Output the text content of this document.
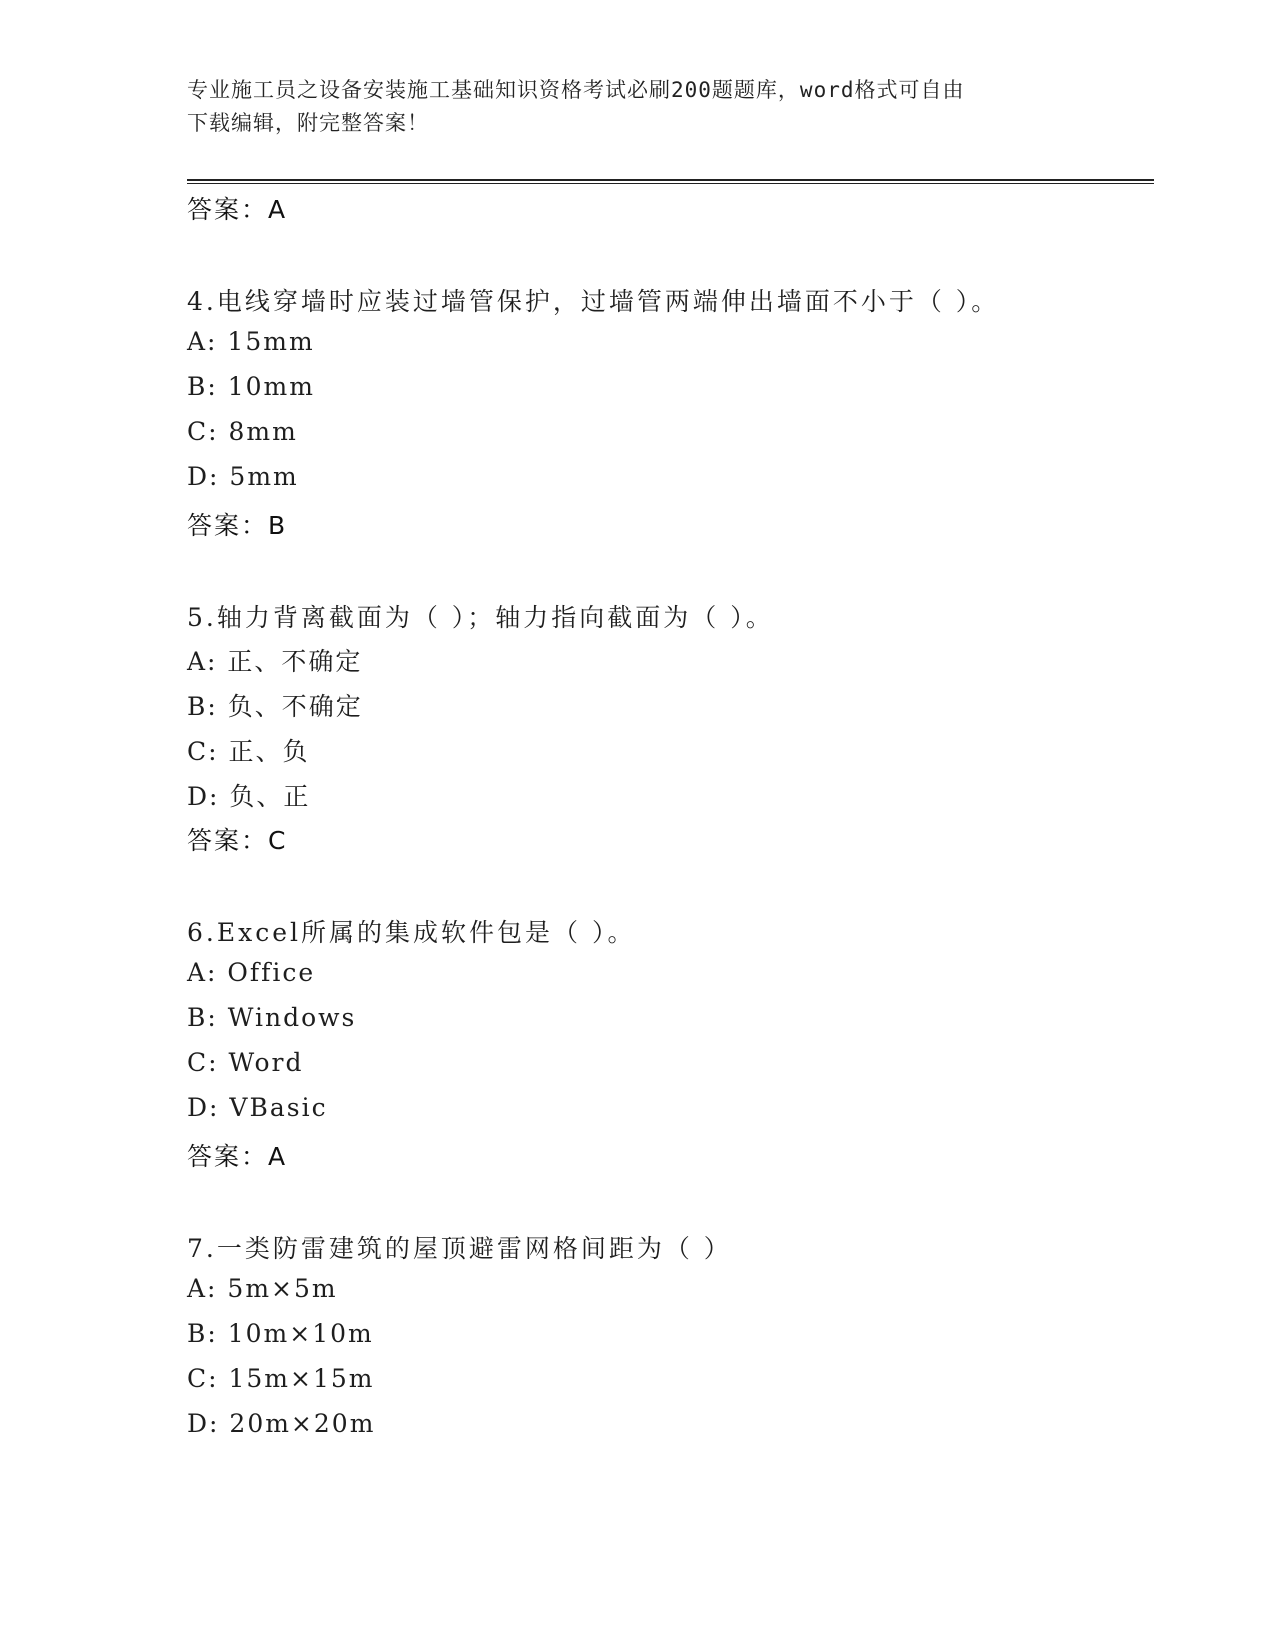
专业施工员之设备安装施工基础知识资格考试必刷200题题库，word格式可自由
下载编辑，附完整答案！
答案：A
4.电线穿墙时应装过墙管保护，过墙管两端伸出墙面不小于（ ）。
A: 15mm
B: 10mm
C: 8mm
D: 5mm
答案：B
5.轴力背离截面为（ ）；轴力指向截面为（ ）。
A: 正、不确定
B: 负、不确定
C: 正、负
D: 负、正
答案：C
6.Excel所属的集成软件包是（ ）。
A: Office
B: Windows
C: Word
D: VBasic
答案：A
7.一类防雷建筑的屋顶避雷网格间距为（ ）
A: 5m×5m
B: 10m×10m
C: 15m×15m
D: 20m×20m
